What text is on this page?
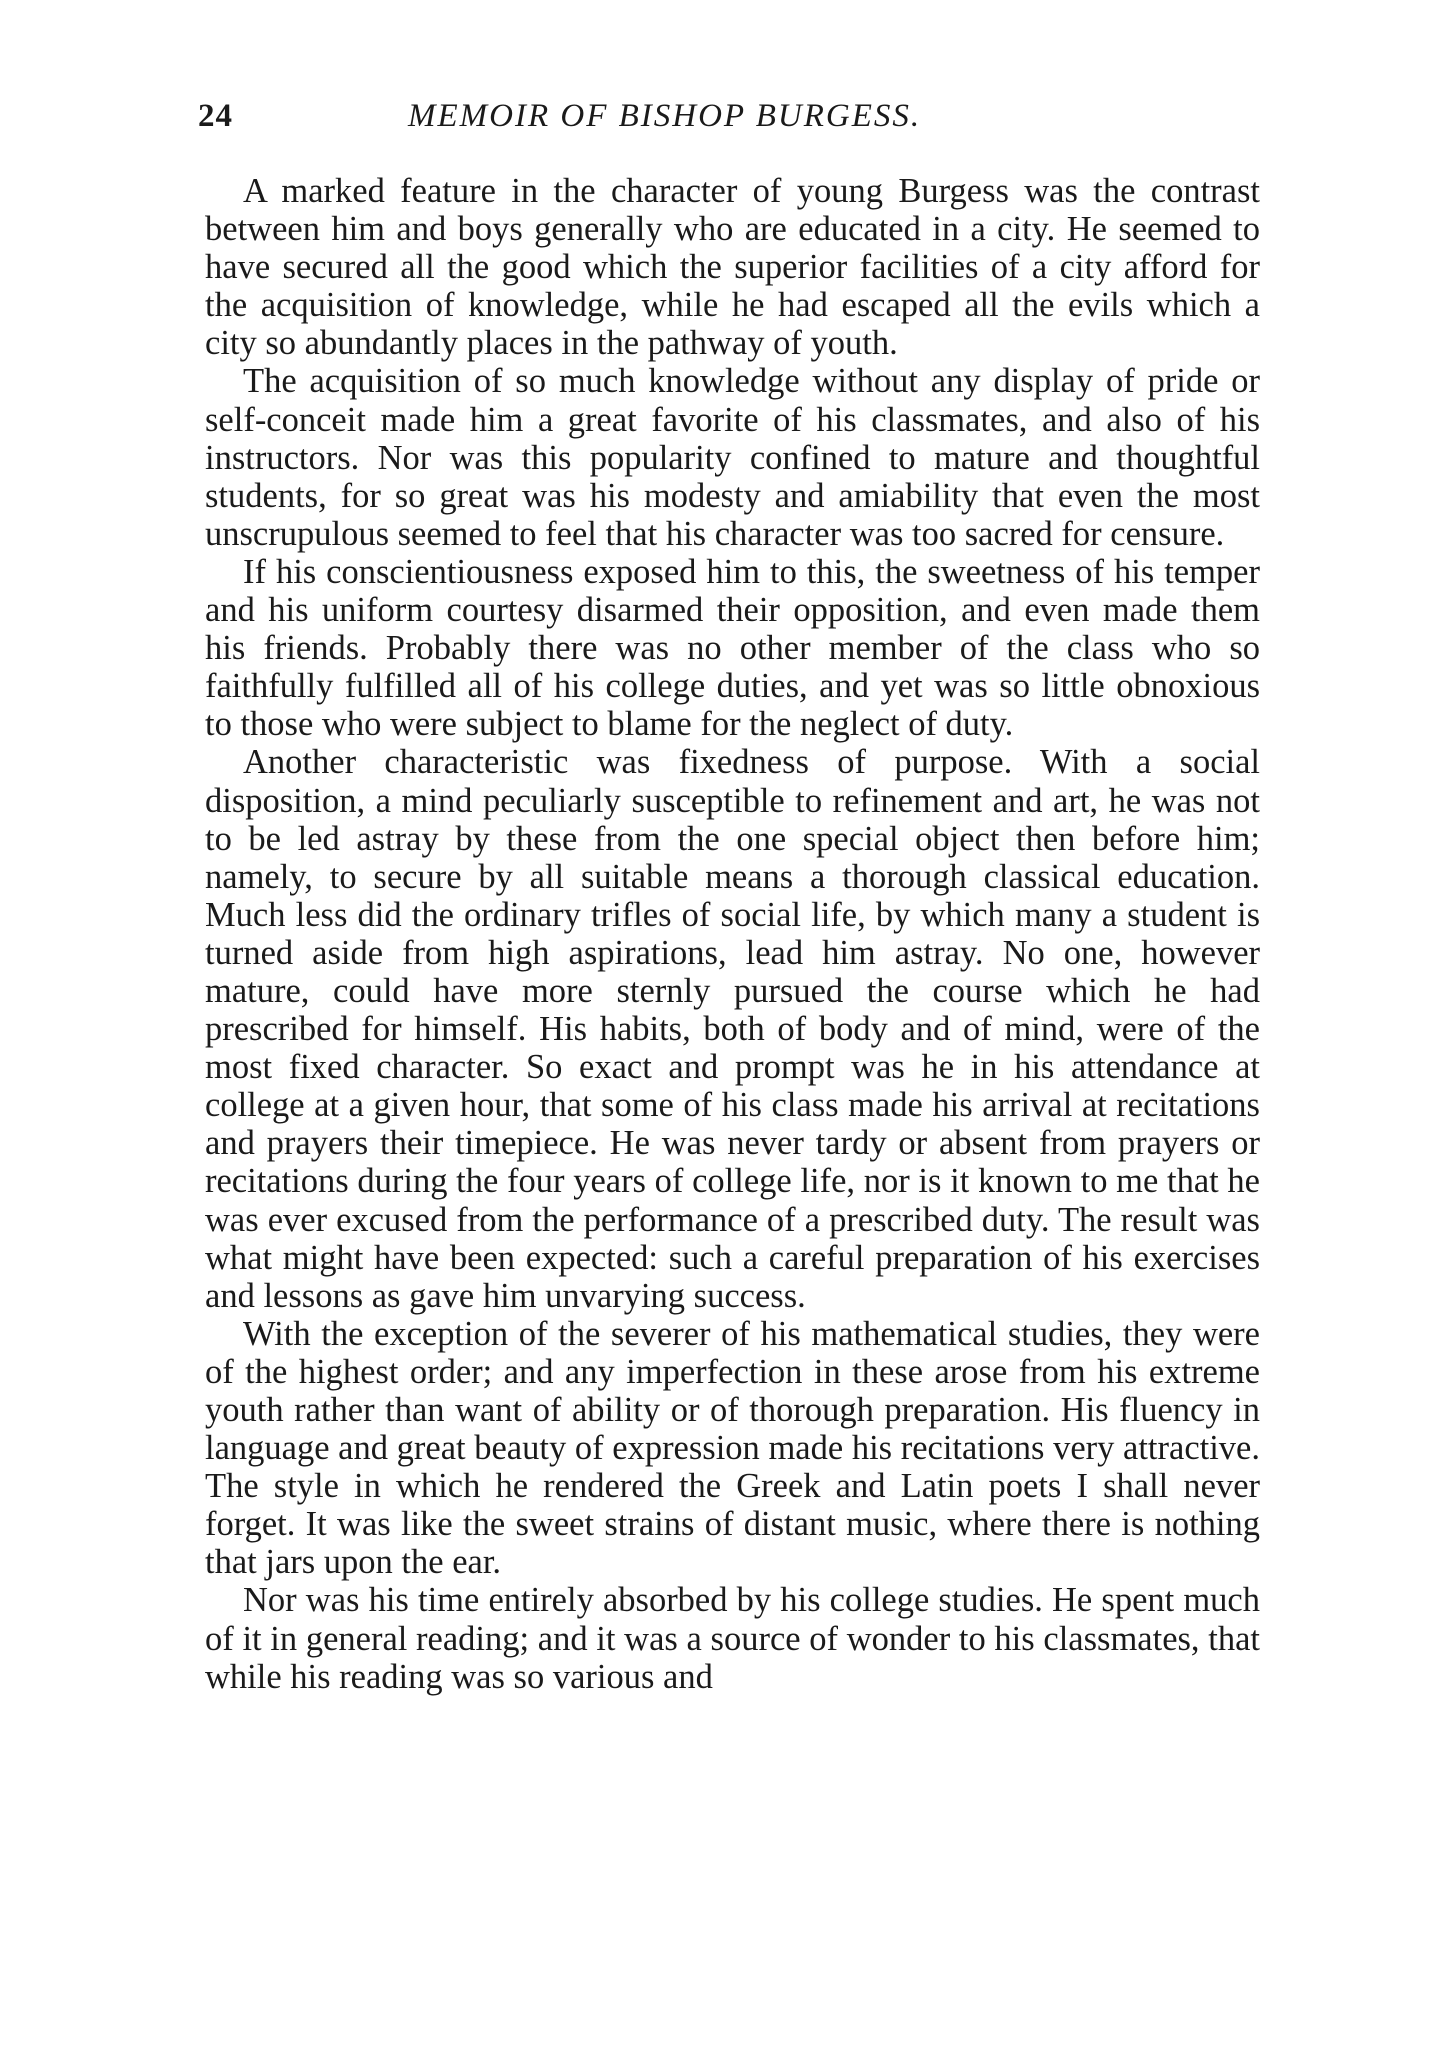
24	MEMOIR OF BISHOP BURGESS.

A marked feature in the character of young Burgess was the contrast between him and boys generally who are educated in a city. He seemed to have secured all the good which the superior facilities of a city afford for the acquisition of knowledge, while he had escaped all the evils which a city so abundantly places in the pathway of youth.

The acquisition of so much knowledge without any display of pride or self-conceit made him a great favorite of his classmates, and also of his instructors. Nor was this popularity confined to mature and thoughtful students, for so great was his modesty and amiability that even the most unscrupulous seemed to feel that his character was too sacred for censure.

If his conscientiousness exposed him to this, the sweetness of his temper and his uniform courtesy disarmed their opposition, and even made them his friends. Probably there was no other member of the class who so faithfully fulfilled all of his college duties, and yet was so little obnoxious to those who were subject to blame for the neglect of duty.

Another characteristic was fixedness of purpose. With a social disposition, a mind peculiarly susceptible to refinement and art, he was not to be led astray by these from the one special object then before him; namely, to secure by all suitable means a thorough classical education. Much less did the ordinary trifles of social life, by which many a student is turned aside from high aspirations, lead him astray. No one, however mature, could have more sternly pursued the course which he had prescribed for himself. His habits, both of body and of mind, were of the most fixed character. So exact and prompt was he in his attendance at college at a given hour, that some of his class made his arrival at recitations and prayers their timepiece. He was never tardy or absent from prayers or recitations during the four years of college life, nor is it known to me that he was ever excused from the performance of a prescribed duty. The result was what might have been expected: such a careful preparation of his exercises and lessons as gave him unvarying success.

With the exception of the severer of his mathematical studies, they were of the highest order; and any imperfection in these arose from his extreme youth rather than want of ability or of thorough preparation. His fluency in language and great beauty of expression made his recitations very attractive. The style in which he rendered the Greek and Latin poets I shall never forget. It was like the sweet strains of distant music, where there is nothing that jars upon the ear.

Nor was his time entirely absorbed by his college studies. He spent much of it in general reading; and it was a source of wonder to his classmates, that while his reading was so various and
